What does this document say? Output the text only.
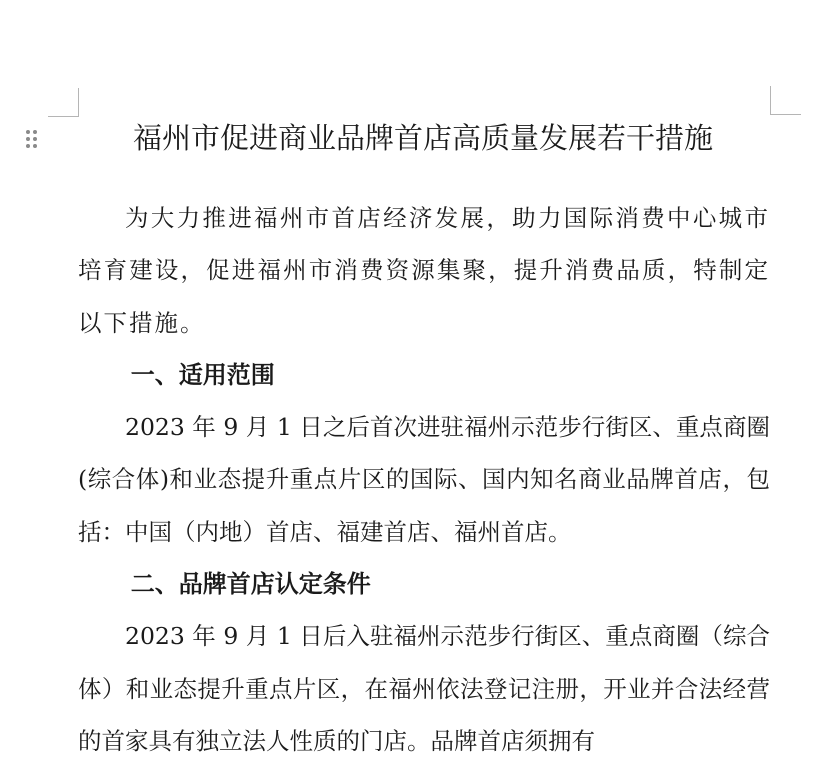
福州市促进商业品牌首店高质量发展若干措施

为大力推进福州市首店经济发展，助力国际消费中心城市培育建设，促进福州市消费资源集聚，提升消费品质，特制定以下措施。

一、适用范围

2023 年 9 月 1 日之后首次进驻福州示范步行街区、重点商圈(综合体)和业态提升重点片区的国际、国内知名商业品牌首店，包括：中国（内地）首店、福建首店、福州首店。

二、品牌首店认定条件

2023 年 9 月 1 日后入驻福州示范步行街区、重点商圈（综合体）和业态提升重点片区，在福州依法登记注册，开业并合法经营的首家具有独立法人性质的门店。品牌首店须拥有
